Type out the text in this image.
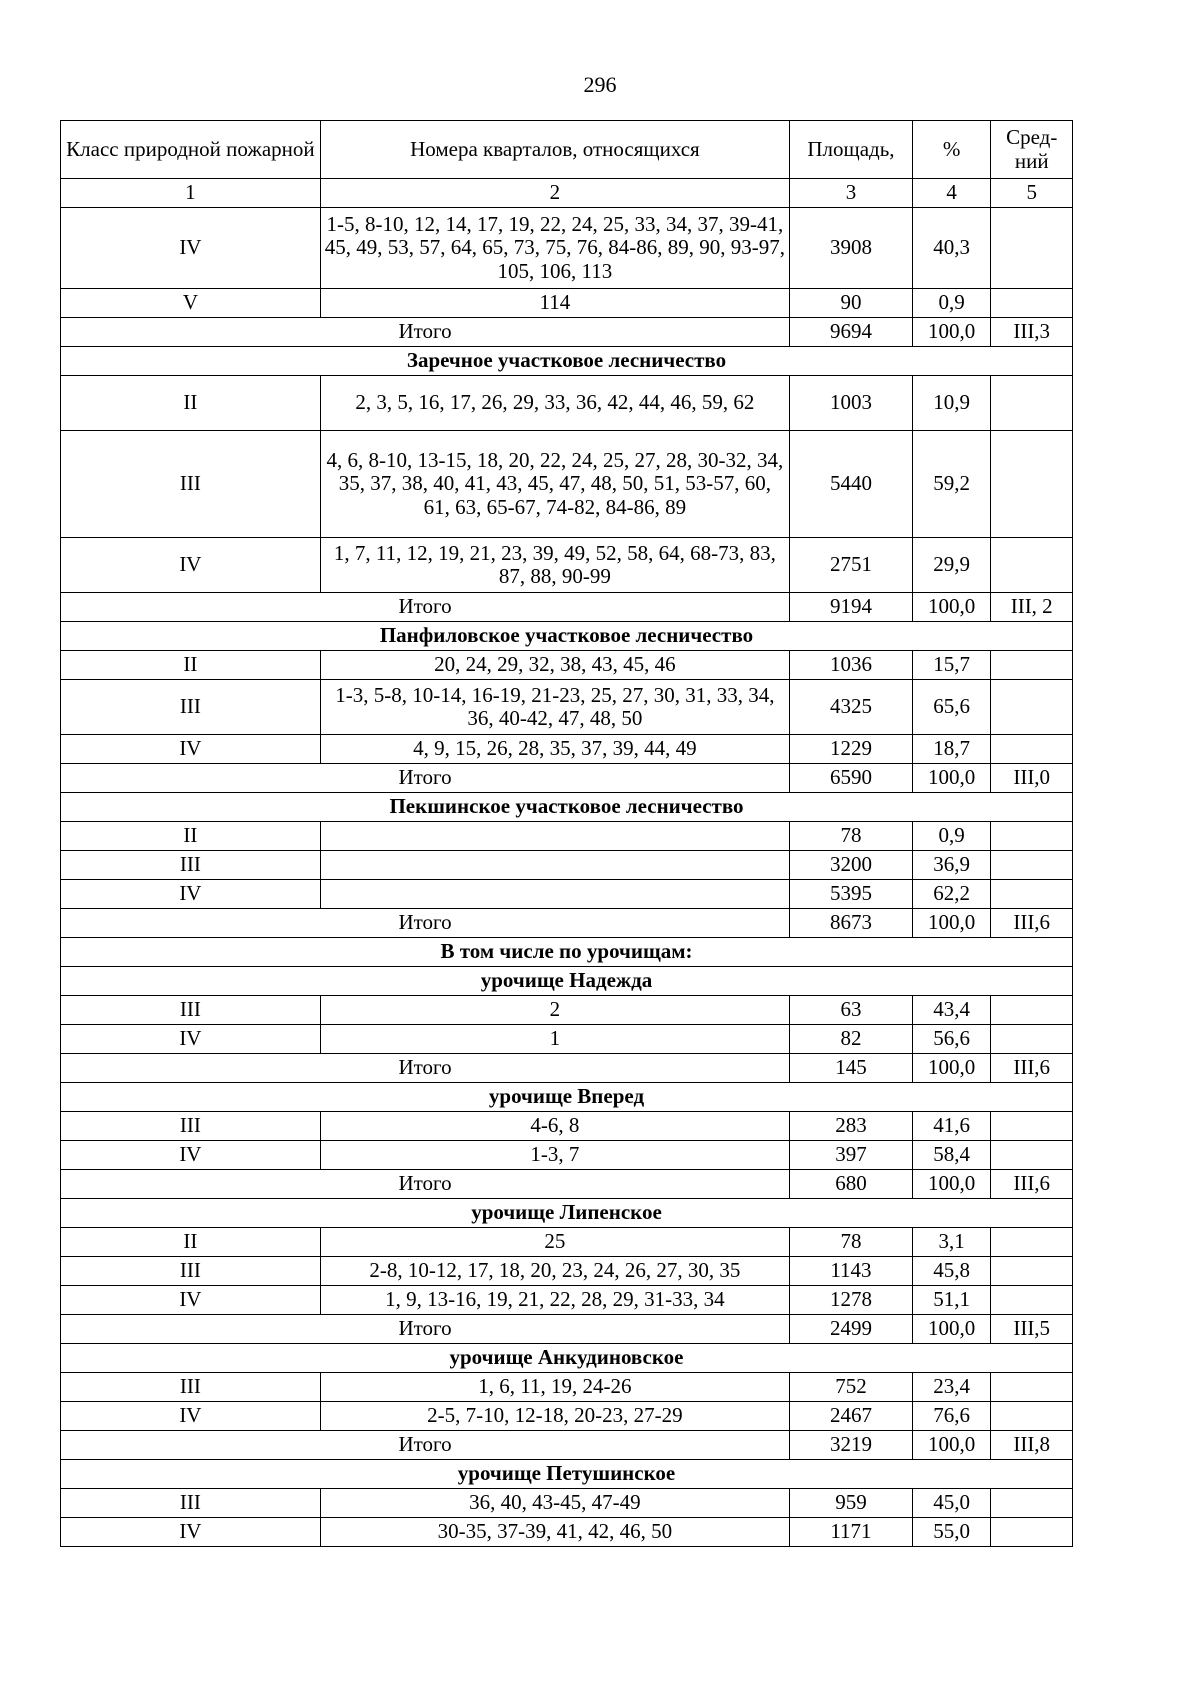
296
Класс природной пожарной	Номера кварталов, относящихся	Площадь,	%	Сред-ний
1	2	3	4	5
IV	1-5, 8-10, 12, 14, 17, 19, 22, 24, 25, 33, 34, 37, 39-41, 45, 49, 53, 57, 64, 65, 73, 75, 76, 84-86, 89, 90, 93-97, 105, 106, 113	3908	40,3	
V	114	90	0,9	
Итого		9694	100,0	III,3
Заречное участковое лесничество				
II	2, 3, 5, 16, 17, 26, 29, 33, 36, 42, 44, 46, 59, 62	1003	10,9	
III	4, 6, 8-10, 13-15, 18, 20, 22, 24, 25, 27, 28, 30-32, 34, 35, 37, 38, 40, 41, 43, 45, 47, 48, 50, 51, 53-57, 60, 61, 63, 65-67, 74-82, 84-86, 89	5440	59,2	
IV	1, 7, 11, 12, 19, 21, 23, 39, 49, 52, 58, 64, 68-73, 83, 87, 88, 90-99	2751	29,9	
Итого		9194	100,0	III, 2
Панфиловское участковое лесничество				
II	20, 24, 29, 32, 38, 43, 45, 46	1036	15,7	
III	1-3, 5-8, 10-14, 16-19, 21-23, 25, 27, 30, 31, 33, 34, 36, 40-42, 47, 48, 50	4325	65,6	
IV	4, 9, 15, 26, 28, 35, 37, 39, 44, 49	1229	18,7	
Итого		6590	100,0	III,0
Пекшинское участковое лесничество				
II		78	0,9	
III		3200	36,9	
IV		5395	62,2	
Итого		8673	100,0	III,6
В том числе по урочищам:				
урочище Надежда				
III	2	63	43,4	
IV	1	82	56,6	
Итого		145	100,0	III,6
урочище Вперед				
III	4-6, 8	283	41,6	
IV	1-3, 7	397	58,4	
Итого		680	100,0	III,6
урочище Липенское				
II	25	78	3,1	
III	2-8, 10-12, 17, 18, 20, 23, 24, 26, 27, 30, 35	1143	45,8	
IV	1, 9, 13-16, 19, 21, 22, 28, 29, 31-33, 34	1278	51,1	
Итого		2499	100,0	III,5
урочище Анкудиновское				
III	1, 6, 11, 19, 24-26	752	23,4	
IV	2-5, 7-10, 12-18, 20-23, 27-29	2467	76,6	
Итого		3219	100,0	III,8
урочище Петушинское				
III	36, 40, 43-45, 47-49	959	45,0	
IV	30-35, 37-39, 41, 42, 46, 50	1171	55,0	
